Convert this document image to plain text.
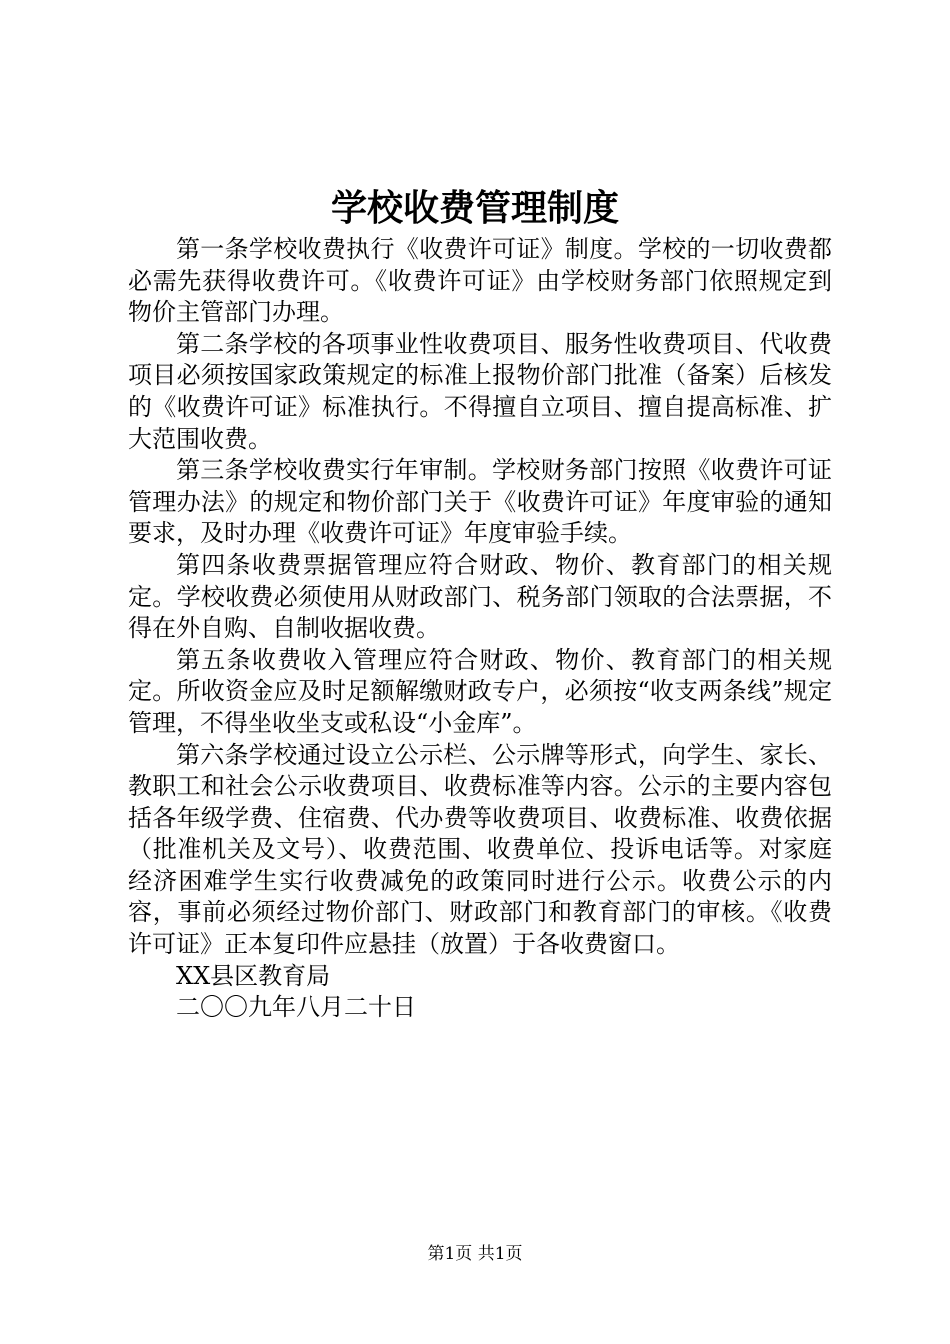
学校收费管理制度

第一条学校收费执行《收费许可证》制度。学校的一切收费都必需先获得收费许可。《收费许可证》由学校财务部门依照规定到物价主管部门办理。

第二条学校的各项事业性收费项目、服务性收费项目、代收费项目必须按国家政策规定的标准上报物价部门批准（备案）后核发的《收费许可证》标准执行。不得擅自立项目、擅自提高标准、扩大范围收费。

第三条学校收费实行年审制。学校财务部门按照《收费许可证管理办法》的规定和物价部门关于《收费许可证》年度审验的通知要求，及时办理《收费许可证》年度审验手续。

第四条收费票据管理应符合财政、物价、教育部门的相关规定。学校收费必须使用从财政部门、税务部门领取的合法票据，不得在外自购、自制收据收费。

第五条收费收入管理应符合财政、物价、教育部门的相关规定。所收资金应及时足额解缴财政专户，必须按“收支两条线”规定管理，不得坐收坐支或私设“小金库”。

第六条学校通过设立公示栏、公示牌等形式，向学生、家长、教职工和社会公示收费项目、收费标准等内容。公示的主要内容包括各年级学费、住宿费、代办费等收费项目、收费标准、收费依据（批准机关及文号）、收费范围、收费单位、投诉电话等。对家庭经济困难学生实行收费减免的政策同时进行公示。收费公示的内容，事前必须经过物价部门、财政部门和教育部门的审核。《收费许可证》正本复印件应悬挂（放置）于各收费窗口。

XX县区教育局

二〇〇九年八月二十日

第1页 共1页
